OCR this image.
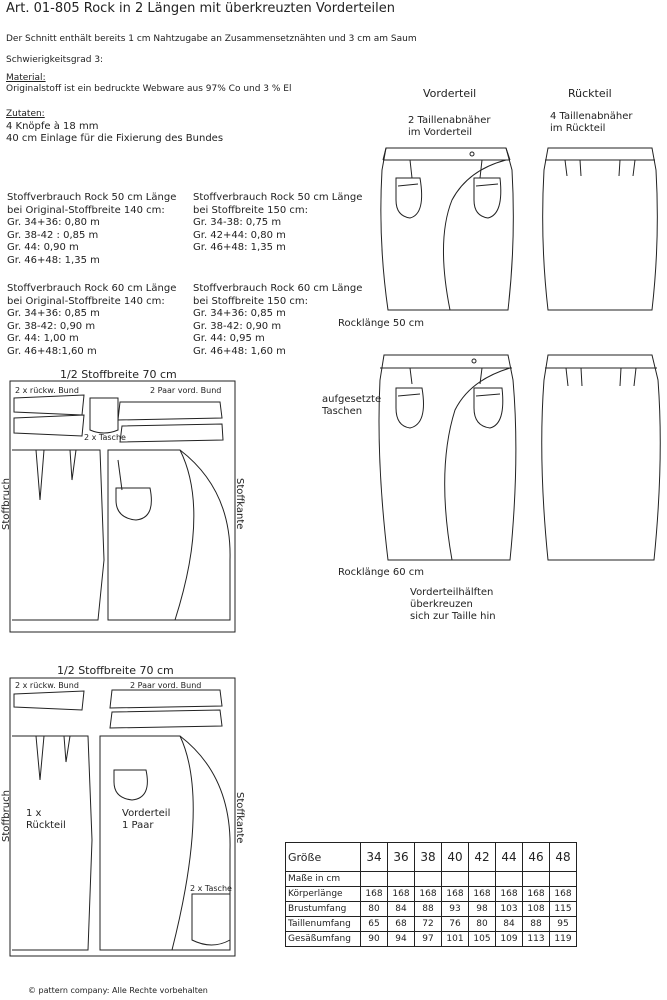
Art. 01-805 Rock in 2 Längen mit überkreuzten Vorderteilen
Der Schnitt enthält bereits 1 cm Nahtzugabe an Zusammensetznähten und 3 cm am Saum
Schwierigkeitsgrad 3:
Material:
Originalstoff ist ein bedruckte Webware aus 97% Co und 3 % El
Zutaten:
4 Knöpfe à 18 mm
40 cm Einlage für die Fixierung des Bundes
Stoffverbrauch Rock 50 cm Länge
bei Original-Stoffbreite 140 cm:
Gr. 34+36: 0,80 m
Gr. 38-42 : 0,85 m
Gr. 44: 0,90 m
Gr. 46+48: 1,35 m
Stoffverbrauch Rock 50 cm Länge
bei Stoffbreite 150 cm:
Gr. 34-38: 0,75 m
Gr. 42+44: 0,80 m
Gr. 46+48: 1,35 m
Stoffverbrauch Rock 60 cm Länge
bei Original-Stoffbreite 140 cm:
Gr. 34+36: 0,85 m
Gr. 38-42: 0,90 m
Gr. 44: 1,00 m
Gr. 46+48:1,60 m
Stoffverbrauch Rock 60 cm Länge
bei Stoffbreite 150 cm:
Gr. 34+36: 0,85 m
Gr. 38-42: 0,90 m
Gr. 44: 0,95 m
Gr. 46+48: 1,60 m
Vorderteil	Rückteil
2 Taillenabnäher
im Vorderteil
4 Taillenabnäher
im Rückteil
Rocklänge 50 cm
aufgesetzte
Taschen
Rocklänge 60 cm
Vorderteilhälften
überkreuzen
sich zur Taille hin
1/2 Stoffbreite 70 cm
2 x rückw. Bund	2 Paar vord. Bund
2 x Tasche
Stoffbruch	Stoffkante
1/2 Stoffbreite 70 cm
2 x rückw. Bund	2 Paar vord. Bund
2 x Tasche
Stoffbruch	Stoffkante
1 x
Rückteil
Vorderteil
1 Paar
Größe	34	36	38	40	42	44	46	48
Maße in cm								
Körperlänge	168	168	168	168	168	168	168	168
Brustumfang	80	84	88	93	98	103	108	115
Taillenumfang	65	68	72	76	80	84	88	95
Gesäßumfang	90	94	97	101	105	109	113	119
© pattern company: Alle Rechte vorbehalten
